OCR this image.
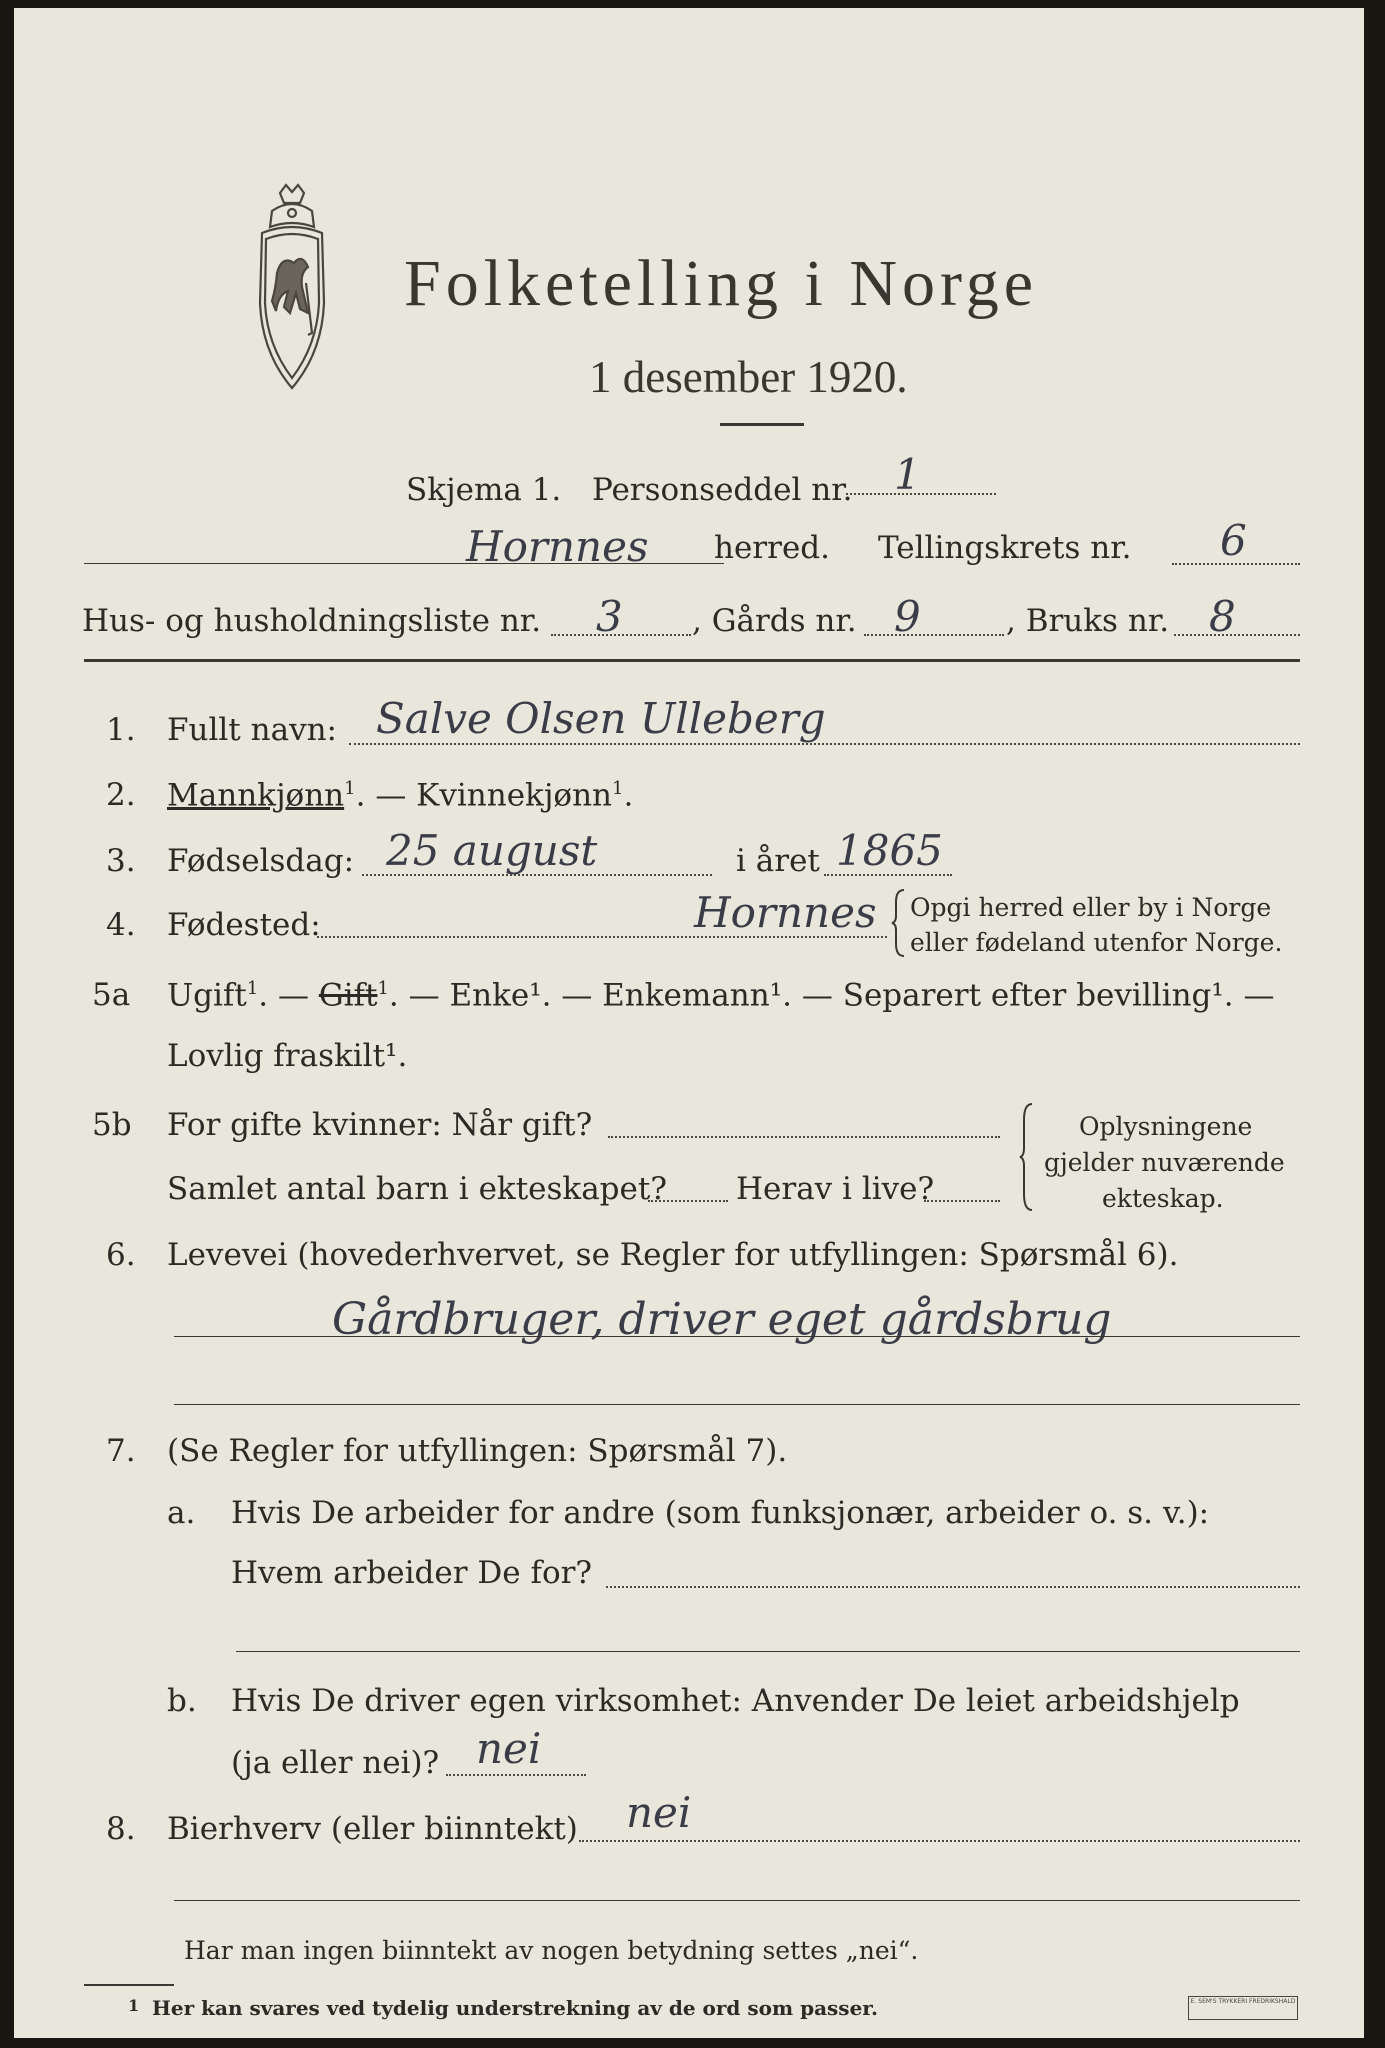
Folketelling i Norge
1 desember 1920.
Skjema 1. Personseddel nr. 1
Hornnes herred. Tellingskrets nr. 6
Hus- og husholdningsliste nr. 3 , Gårds nr. 9	, Bruks nr. 8
1. Fullt navn: Salve Olsen Ulleberg
2. Mannkjønn$^1$. — Kvinnekjønn$^1$.
3. Fødselsdag: 25 august	i året 1865
4. Fødested:	Hornnes Opgi herred eller by i Norge
eller fødeland utenfor Norge.
5a Ugift$^1$. — Gift$^1$. — Enke¹. — Enkemann¹. — Separert efter bevilling¹. —
Lovlig fraskilt¹.
5b For gifte kvinner: Når gift?
Samlet antal barn i ekteskapet? Herav i live?
Oplysningene
gjelder nuværende
ekteskap.
6. Levevei (hovederhvervet, se Regler for utfyllingen: Spørsmål 6).
Gårdbruger, driver eget gårdsbrug
7. (Se Regler for utfyllingen: Spørsmål 7).
a. Hvis De arbeider for andre (som funksjonær, arbeider o. s. v.):
Hvem arbeider De for?
b. Hvis De driver egen virksomhet: Anvender De leiet arbeidshjelp
(ja eller nei)? nei
8. Bierhverv (eller biinntekt) nei
Har man ingen biinntekt av nogen betydning settes „nei“.
1 Her kan svares ved tydelig understrekning av de ord som passer.	E. SEM'S TRYKKERI FREDRIKSHALD
